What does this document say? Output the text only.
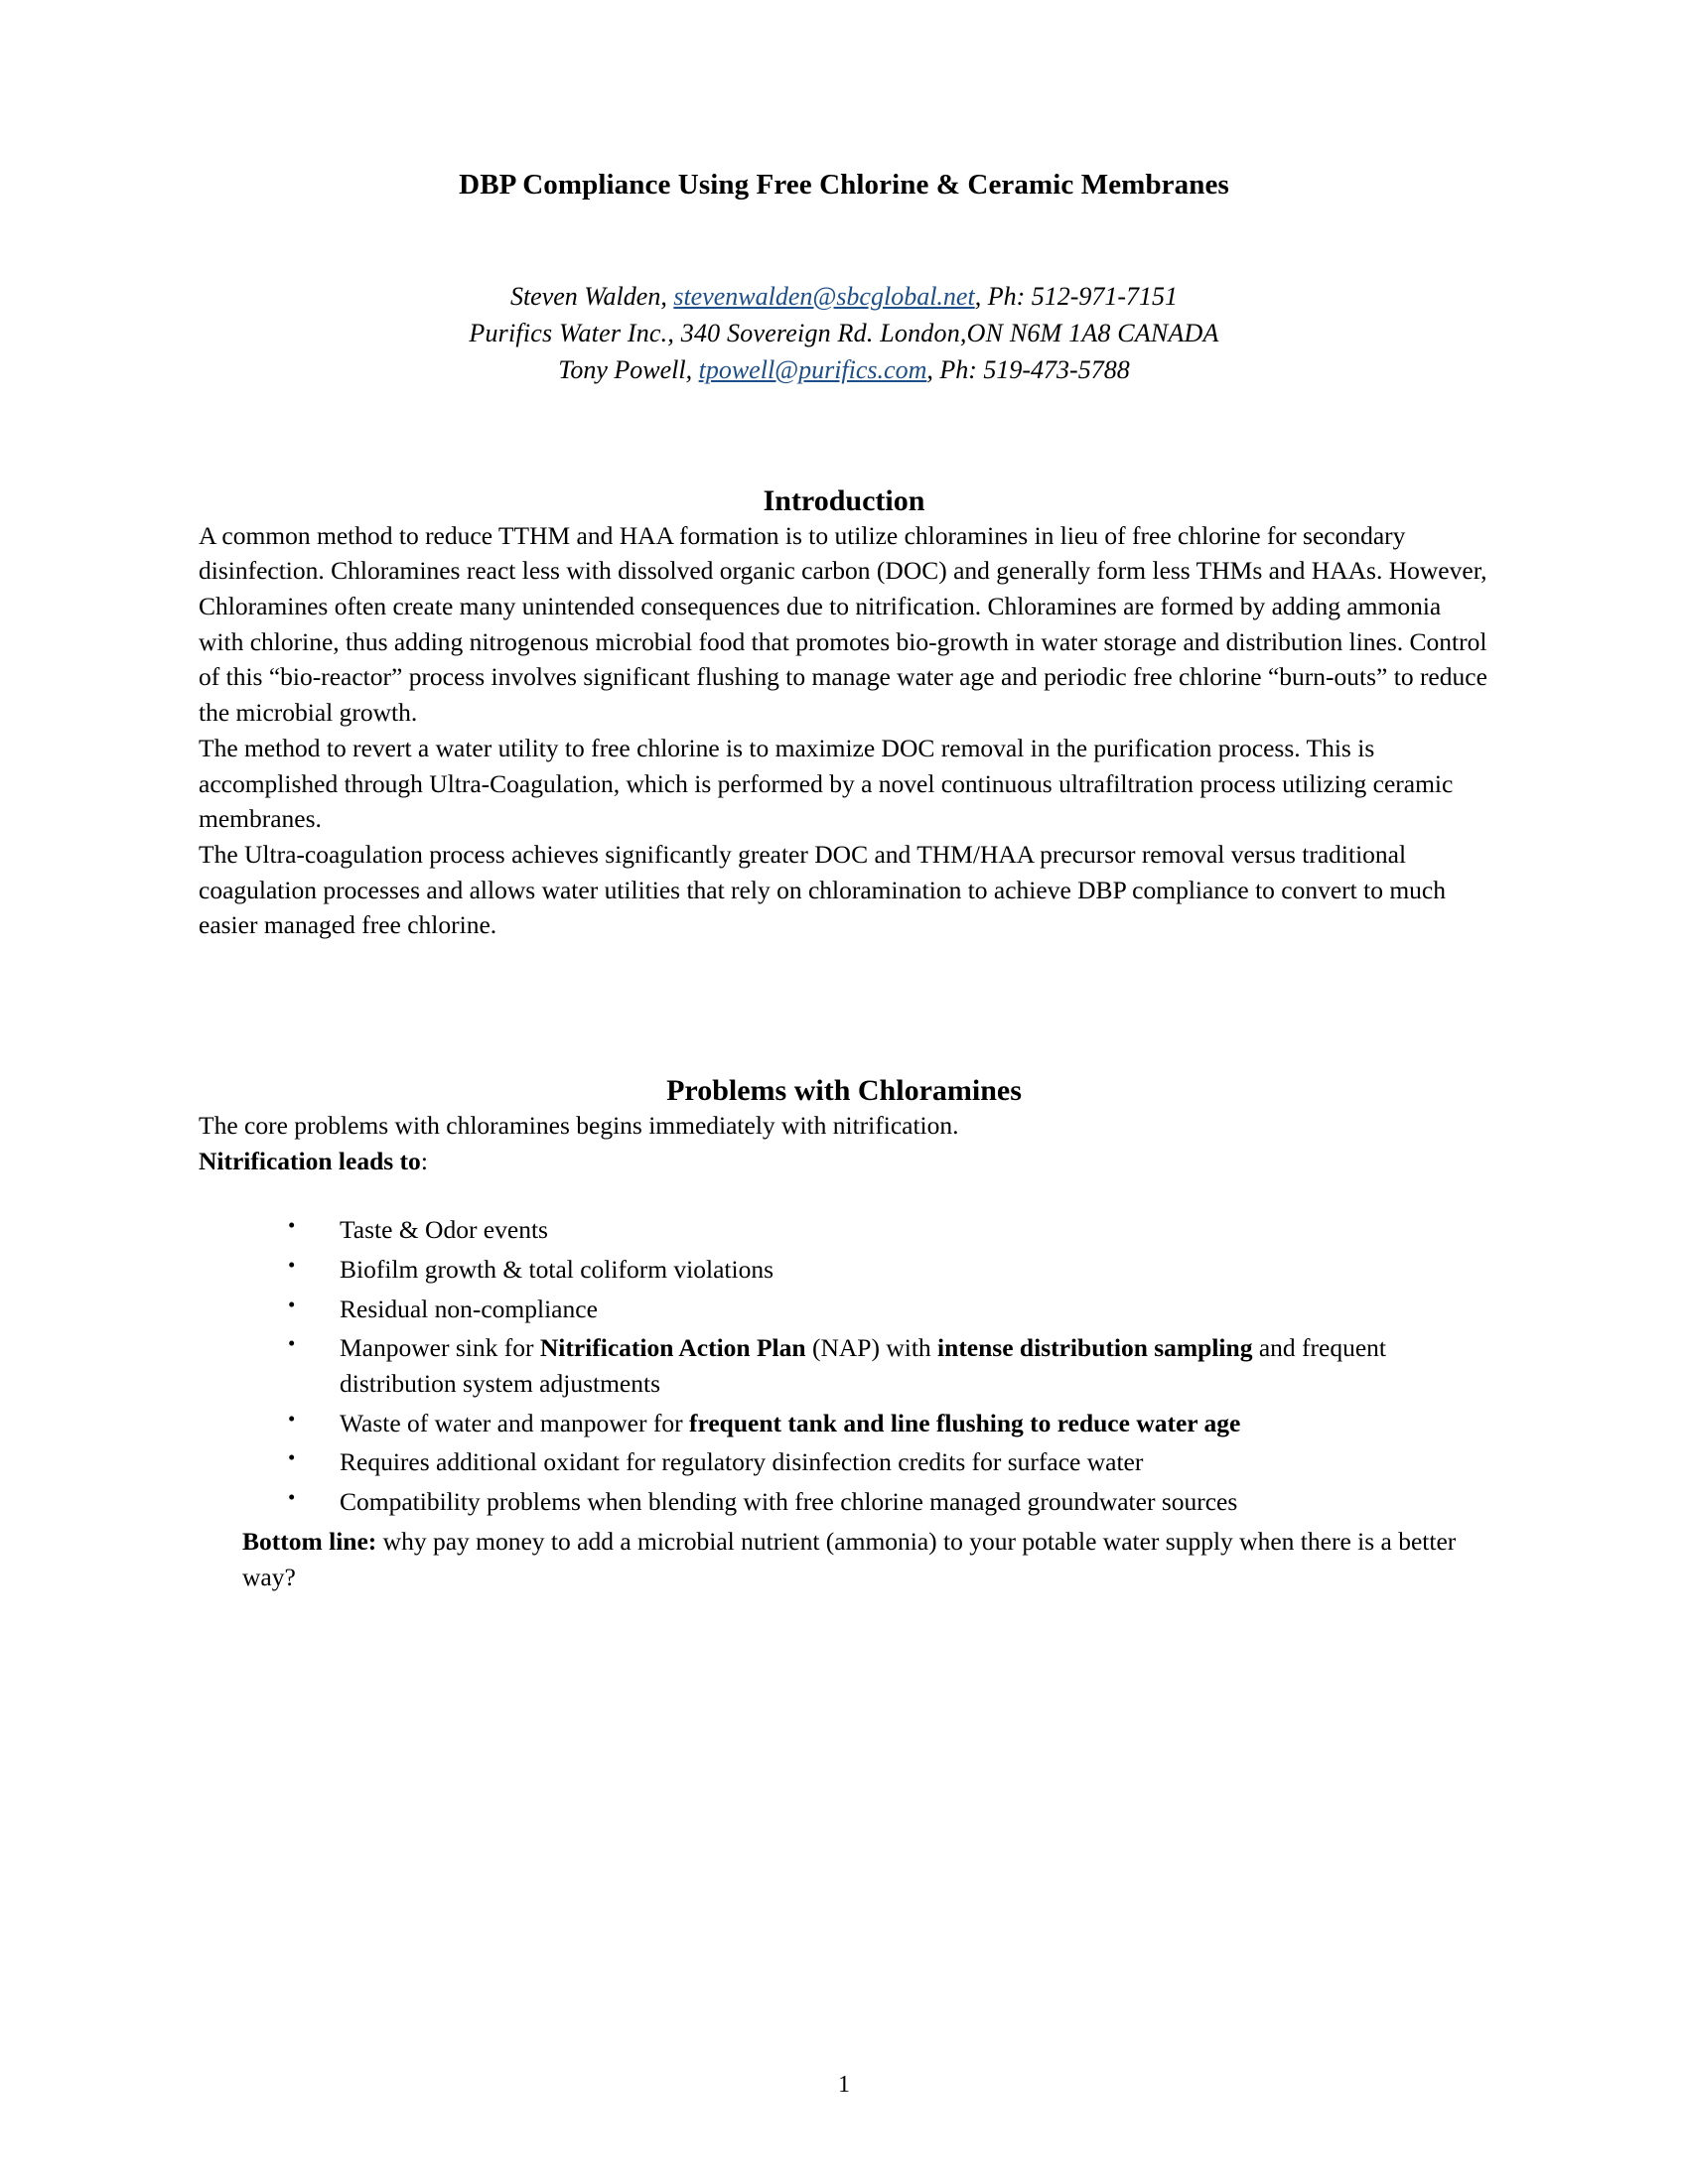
DBP Compliance Using Free Chlorine & Ceramic Membranes
Steven Walden, stevenwalden@sbcglobal.net, Ph: 512-971-7151
Purifics Water Inc., 340 Sovereign Rd. London,ON N6M 1A8 CANADA
Tony Powell, tpowell@purifics.com, Ph: 519-473-5788
Introduction

A common method to reduce TTHM and HAA formation is to utilize chloramines in lieu of free chlorine for secondary disinfection. Chloramines react less with dissolved organic carbon (DOC) and generally form less THMs and HAAs. However, Chloramines often create many unintended consequences due to nitrification. Chloramines are formed by adding ammonia with chlorine, thus adding nitrogenous microbial food that promotes bio-growth in water storage and distribution lines. Control of this “bio-reactor” process involves significant flushing to manage water age and periodic free chlorine “burn-outs” to reduce the microbial growth.

The method to revert a water utility to free chlorine is to maximize DOC removal in the purification process. This is accomplished through Ultra-Coagulation, which is performed by a novel continuous ultrafiltration process utilizing ceramic membranes.

The Ultra-coagulation process achieves significantly greater DOC and THM/HAA precursor removal versus traditional coagulation processes and allows water utilities that rely on chloramination to achieve DBP compliance to convert to much easier managed free chlorine.

Problems with Chloramines

The core problems with chloramines begins immediately with nitrification.

Nitrification leads to:

• Taste & Odor events
• Biofilm growth & total coliform violations
• Residual non-compliance
• Manpower sink for Nitrification Action Plan (NAP) with intense distribution sampling and frequent distribution system adjustments
• Waste of water and manpower for frequent tank and line flushing to reduce water age
• Requires additional oxidant for regulatory disinfection credits for surface water
• Compatibility problems when blending with free chlorine managed groundwater sources

Bottom line: why pay money to add a microbial nutrient (ammonia) to your potable water supply when there is a better way?

1
